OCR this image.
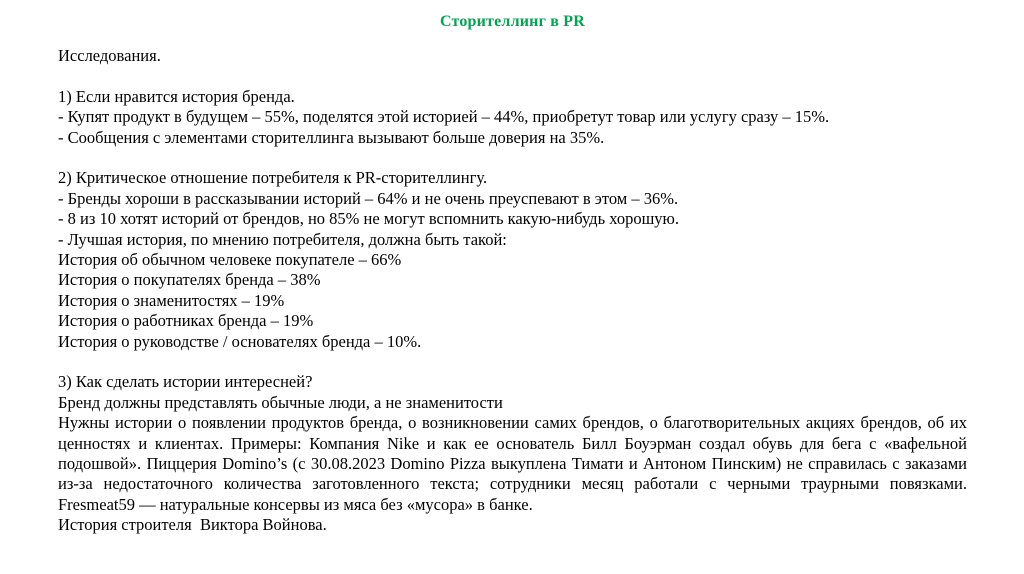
Сторителлинг в PR
Исследования.
1) Если нравится история бренда.
- Купят продукт в будущем – 55%, поделятся этой историей – 44%, приобретут товар или услугу сразу – 15%.
- Сообщения с элементами сторителлинга вызывают больше доверия на 35%.
2) Критическое отношение потребителя к PR-сторителлингу.
- Бренды хороши в рассказывании историй – 64% и не очень преуспевают в этом – 36%.
- 8 из 10 хотят историй от брендов, но 85% не могут вспомнить какую-нибудь хорошую.
- Лучшая история, по мнению потребителя, должна быть такой:
История об обычном человеке покупателе – 66%
История о покупателях бренда – 38%
История о знаменитостях – 19%
История о работниках бренда – 19%
История о руководстве / основателях бренда – 10%.
3) Как сделать истории интересней?
Бренд должны представлять обычные люди, а не знаменитости
Нужны истории о появлении продуктов бренда, о возникновении самих брендов, о благотворительных акциях брендов, об их ценностях и клиентах. Примеры: Компания Nike и как ее основатель Билл Боуэрман создал обувь для бега с «вафельной подошвой». Пиццерия Domino’s (с 30.08.2023 Domino Pizza выкуплена Тимати и Антоном Пинским) не справилась с заказами из-за недостаточного количества заготовленного текста; сотрудники месяц работали с черными траурными повязками. Fresmeat59 — натуральные консервы из мяса без «мусора» в банке.
История строителя  Виктора Войнова.
